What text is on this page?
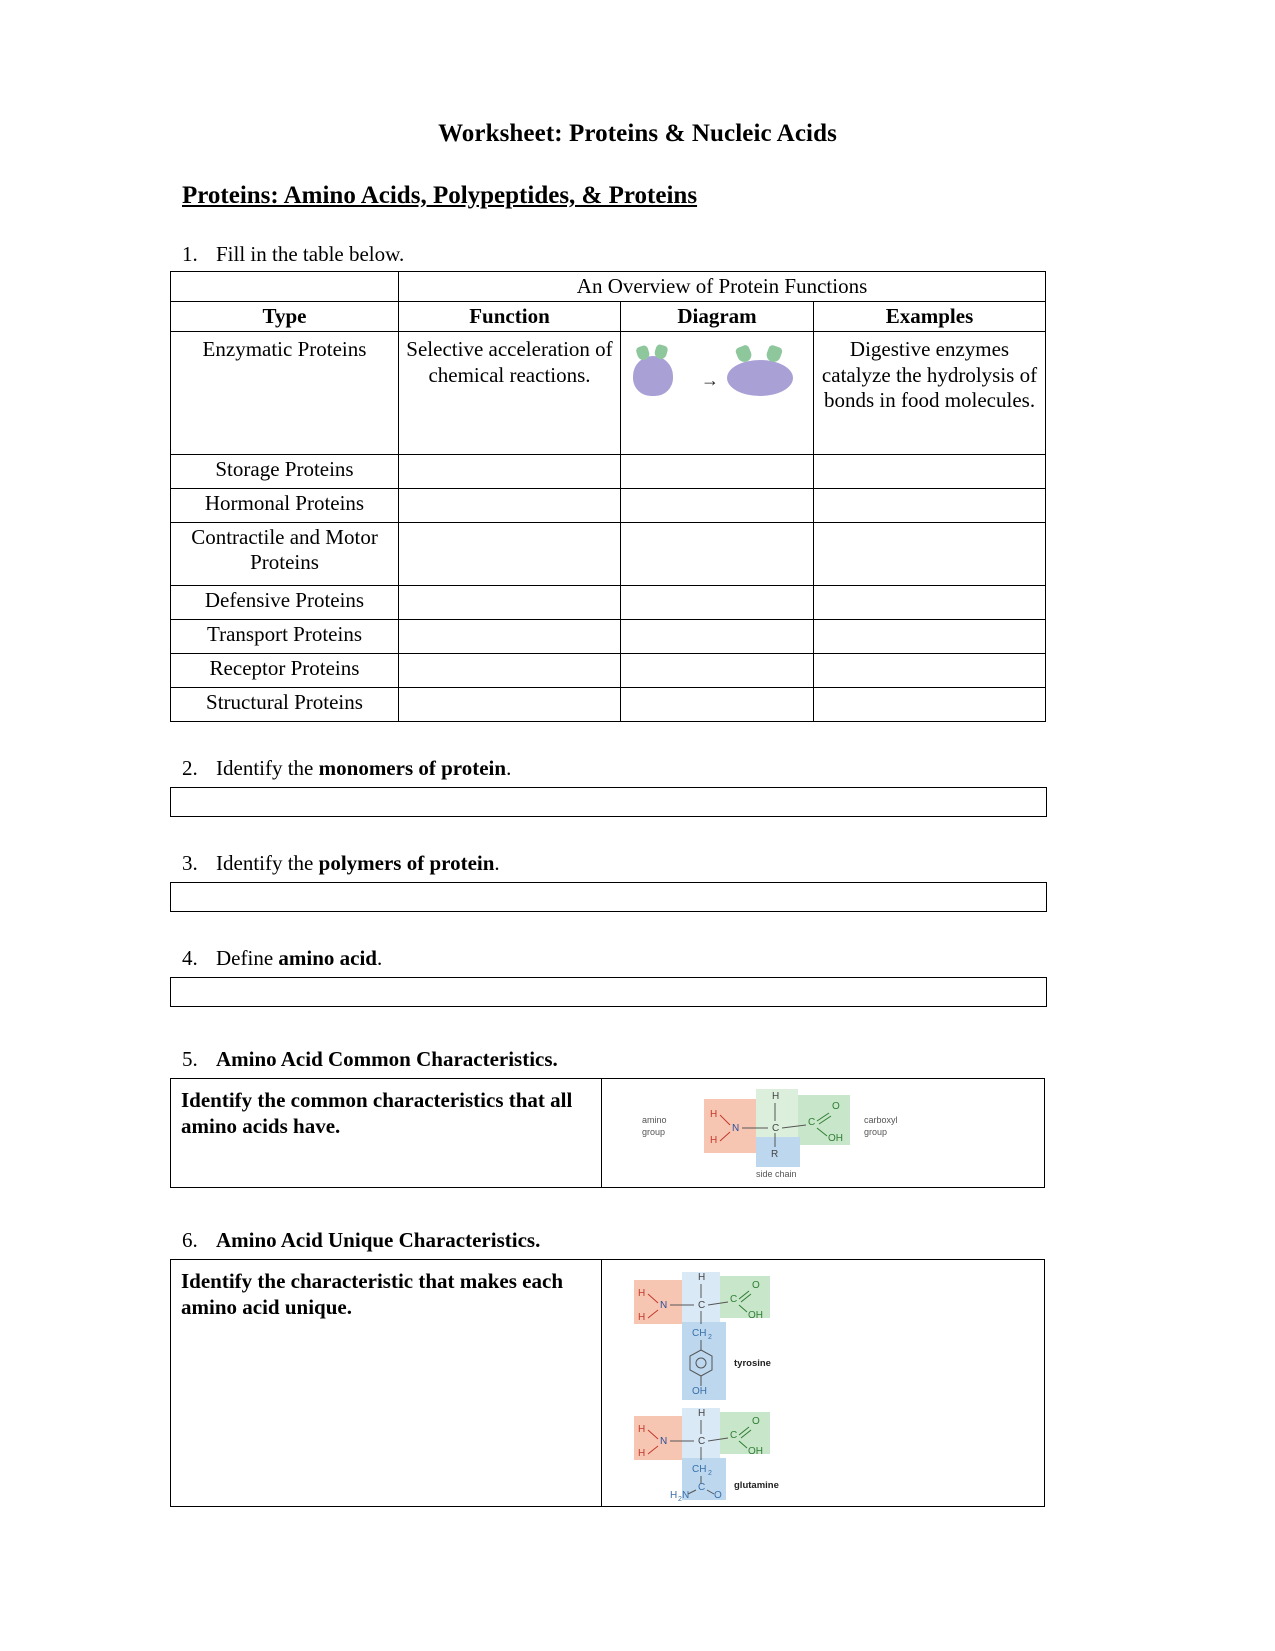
Worksheet: Proteins & Nucleic Acids
Proteins: Amino Acids, Polypeptides, & Proteins
1. Fill in the table below.
	An Overview of Protein Functions		
Type	Function	Diagram	Examples

Enzymatic Proteins	Selective acceleration of chemical reactions.	→	Digestive enzymes catalyze the hydrolysis of bonds in food molecules.

Storage Proteins			
Hormonal Proteins			
Contractile and Motor Proteins			
Defensive Proteins			
Transport Proteins			
Receptor Proteins			
Structural Proteins			
2. Identify the monomers of protein.
3. Identify the polymers of protein.
4. Define amino acid.
5. Amino Acid Common Characteristics.
Identify the common characteristics that all amino acids have.	amino
group
carboxyl
group
side chain
H
H
N
H
C
C
O
OH
R
6. Amino Acid Unique Characteristics.
Identify the characteristic that makes each amino acid unique.
H
H
N
H
C
C
O
OH
CH 2
OH
tyrosine
H
H
N
H
C
C
O
OH
CH 2
C
O
H 2 N
glutamine
